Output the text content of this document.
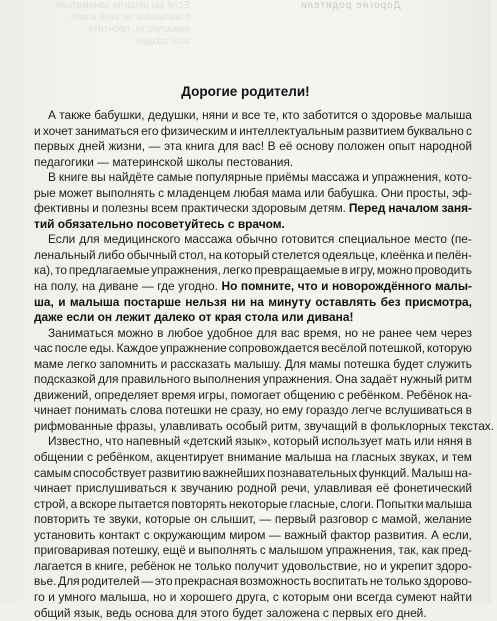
Дорогие родители
Если вы решили заниматься
с малышом по этой книге,
пожалуйста, прочтите
этот раздел
Дорогие родители!
А также бабушки, дедушки, няни и все те, кто заботится о здоровье малыша
и хочет заниматься его физическим и интеллектуальным развитием буквально с
первых дней жизни, — эта книга для вас! В её основу положен опыт народной
педагогики — материнской школы пестования.
В книге вы найдёте самые популярные приёмы массажа и упражнения, кото-
рые может выполнять с младенцем любая мама или бабушка. Они просты, эф-
фективны и полезны всем практически здоровым детям. Перед началом заня-
тий обязательно посоветуйтесь с врачом.
Если для медицинского массажа обычно готовится специальное место (пе-
ленальный либо обычный стол, на который стелется одеяльце, клеёнка и пелён-
ка), то предлагаемые упражнения, легко превращаемые в игру, можно проводить
на полу, на диване — где угодно. Но помните, что и новорождённого малы-
ша, и малыша постарше нельзя ни на минуту оставлять без присмотра,
даже если он лежит далеко от края стола или дивана!
Заниматься можно в любое удобное для вас время, но не ранее чем через
час после еды. Каждое упражнение сопровождается весёлой потешкой, которую
маме легко запомнить и рассказать малышу. Для мамы потешка будет служить
подсказкой для правильного выполнения упражнения. Она задаёт нужный ритм
движений, определяет время игры, помогает общению с ребёнком. Ребёнок на-
чинает понимать слова потешки не сразу, но ему гораздо легче вслушиваться в
рифмованные фразы, улавливать особый ритм, звучащий в фольклорных текстах.
Известно, что напевный «детский язык», который использует мать или няня в
общении с ребёнком, акцентирует внимание малыша на гласных звуках, и тем
самым способствует развитию важнейших познавательных функций. Малыш на-
чинает прислушиваться к звучанию родной речи, улавливая её фонетический
строй, а вскоре пытается повторять некоторые гласные, слоги. Попытки малыша
повторить те звуки, которые он слышит, — первый разговор с мамой, желание
установить контакт с окружающим миром — важный фактор развития. А если,
приговаривая потешку, ещё и выполнять с малышом упражнения, так, как пред-
лагается в книге, ребёнок не только получит удовольствие, но и укрепит здоро-
вье. Для родителей — это прекрасная возможность воспитать не только здорово-
го и умного малыша, но и хорошего друга, с которым они всегда сумеют найти
общий язык, ведь основа для этого будет заложена с первых его дней.
